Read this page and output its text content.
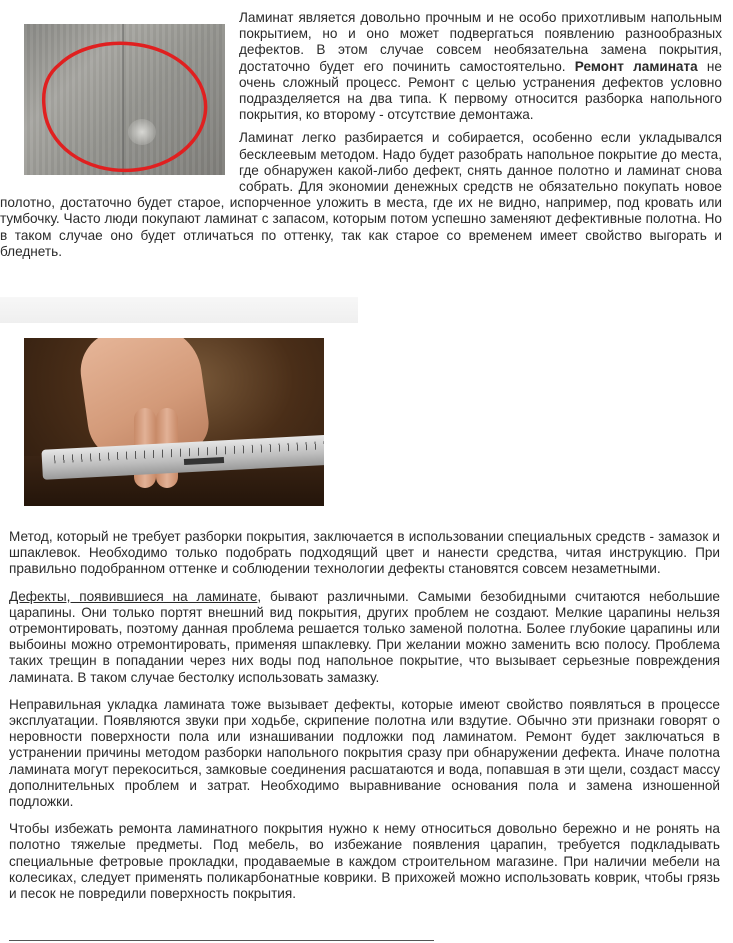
Ламинат является довольно прочным и не особо прихотливым напольным покрытием, но и оно может подвергаться появлению разнообразных дефектов. В этом случае совсем необязательна замена покрытия, достаточно будет его починить самостоятельно. Ремонт ламината не очень сложный процесс. Ремонт с целью устранения дефектов условно подразделяется на два типа. К первому относится разборка напольного покрытия, ко второму - отсутствие демонтажа.

Ламинат легко разбирается и собирается, особенно если укладывался бесклеевым методом. Надо будет разобрать напольное покрытие до места, где обнаружен какой-либо дефект, снять данное полотно и ламинат снова собрать. Для экономии денежных средств не обязательно покупать новое полотно, достаточно будет старое, испорченное уложить в места, где их не видно, например, под кровать или тумбочку. Часто люди покупают ламинат с запасом, которым потом успешно заменяют дефективные полотна. Но в таком случае оно будет отличаться по оттенку, так как старое со временем имеет свойство выгорать и бледнеть.

Метод, который не требует разборки покрытия, заключается в использовании специальных средств - замазок и шпаклевок. Необходимо только подобрать подходящий цвет и нанести средства, читая инструкцию. При правильно подобранном оттенке и соблюдении технологии дефекты становятся совсем незаметными.

Дефекты, появившиеся на ламинате, бывают различными. Самыми безобидными считаются небольшие царапины. Они только портят внешний вид покрытия, других проблем не создают. Мелкие царапины нельзя отремонтировать, поэтому данная проблема решается только заменой полотна. Более глубокие царапины или выбоины можно отремонтировать, применяя шпаклевку. При желании можно заменить всю полосу. Проблема таких трещин в попадании через них воды под напольное покрытие, что вызывает серьезные повреждения ламината. В таком случае бестолку использовать замазку.

Неправильная укладка ламината тоже вызывает дефекты, которые имеют свойство появляться в процессе эксплуатации. Появляются звуки при ходьбе, скрипение полотна или вздутие. Обычно эти признаки говорят о неровности поверхности пола или изнашивании подложки под ламинатом. Ремонт будет заключаться в устранении причины методом разборки напольного покрытия сразу при обнаружении дефекта. Иначе полотна ламината могут перекоситься, замковые соединения расшатаются и вода, попавшая в эти щели, создаст массу дополнительных проблем и затрат. Необходимо выравнивание основания пола и замена изношенной подложки.

Чтобы избежать ремонта ламинатного покрытия нужно к нему относиться довольно бережно и не ронять на полотно тяжелые предметы. Под мебель, во избежание появления царапин, требуется подкладывать специальные фетровые прокладки, продаваемые в каждом строительном магазине. При наличии мебели на колесиках, следует применять поликарбонатные коврики. В прихожей можно использовать коврик, чтобы грязь и песок не повредили поверхность покрытия.
